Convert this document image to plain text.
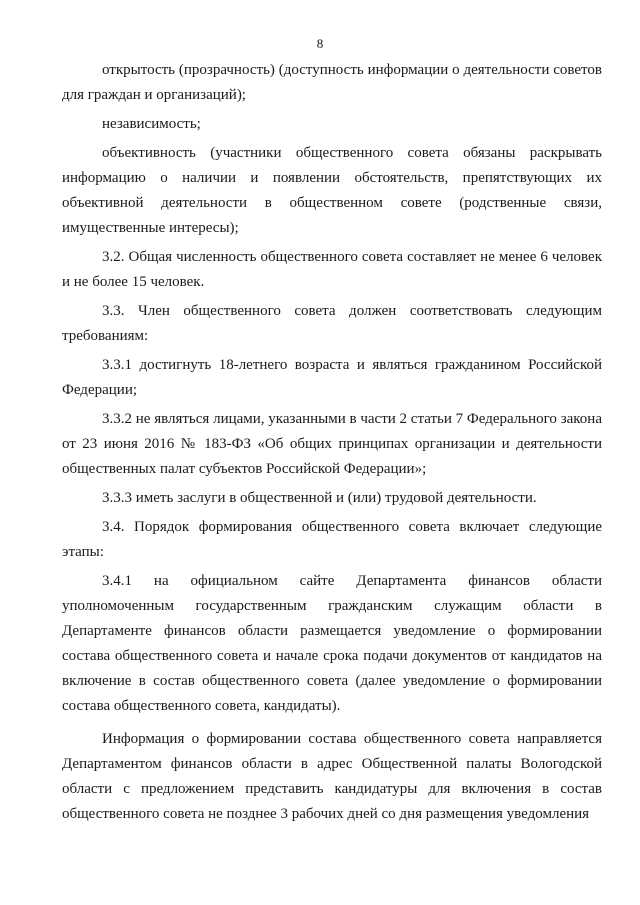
8

открытость (прозрачность) (доступность информации о деятельности советов для граждан и организаций);

независимость;

объективность (участники общественного совета обязаны раскрывать информацию о наличии и появлении обстоятельств, препятствующих их объективной деятельности в общественном совете (родственные связи, имущественные интересы);

3.2. Общая численность общественного совета составляет не менее 6 человек и не более 15 человек.

3.3. Член общественного совета должен соответствовать следующим требованиям:

3.3.1 достигнуть 18-летнего возраста и являться гражданином Российской Федерации;

3.3.2 не являться лицами, указанными в части 2 статьи 7 Федерального закона от 23 июня 2016 № 183-ФЗ «Об общих принципах организации и деятельности общественных палат субъектов Российской Федерации»;

3.3.3 иметь заслуги в общественной и (или) трудовой деятельности.

3.4. Порядок формирования общественного совета включает следующие этапы:

3.4.1 на официальном сайте Департамента финансов области уполномоченным государственным гражданским служащим области в Департаменте финансов области размещается уведомление о формировании состава общественного совета и начале срока подачи документов от кандидатов на включение в состав общественного совета (далее уведомление о формировании состава общественного совета, кандидаты).

Информация о формировании состава общественного совета направляется Департаментом финансов области в адрес Общественной палаты Вологодской области с предложением представить кандидатуры для включения в состав общественного совета не позднее 3 рабочих дней со дня размещения уведомления
